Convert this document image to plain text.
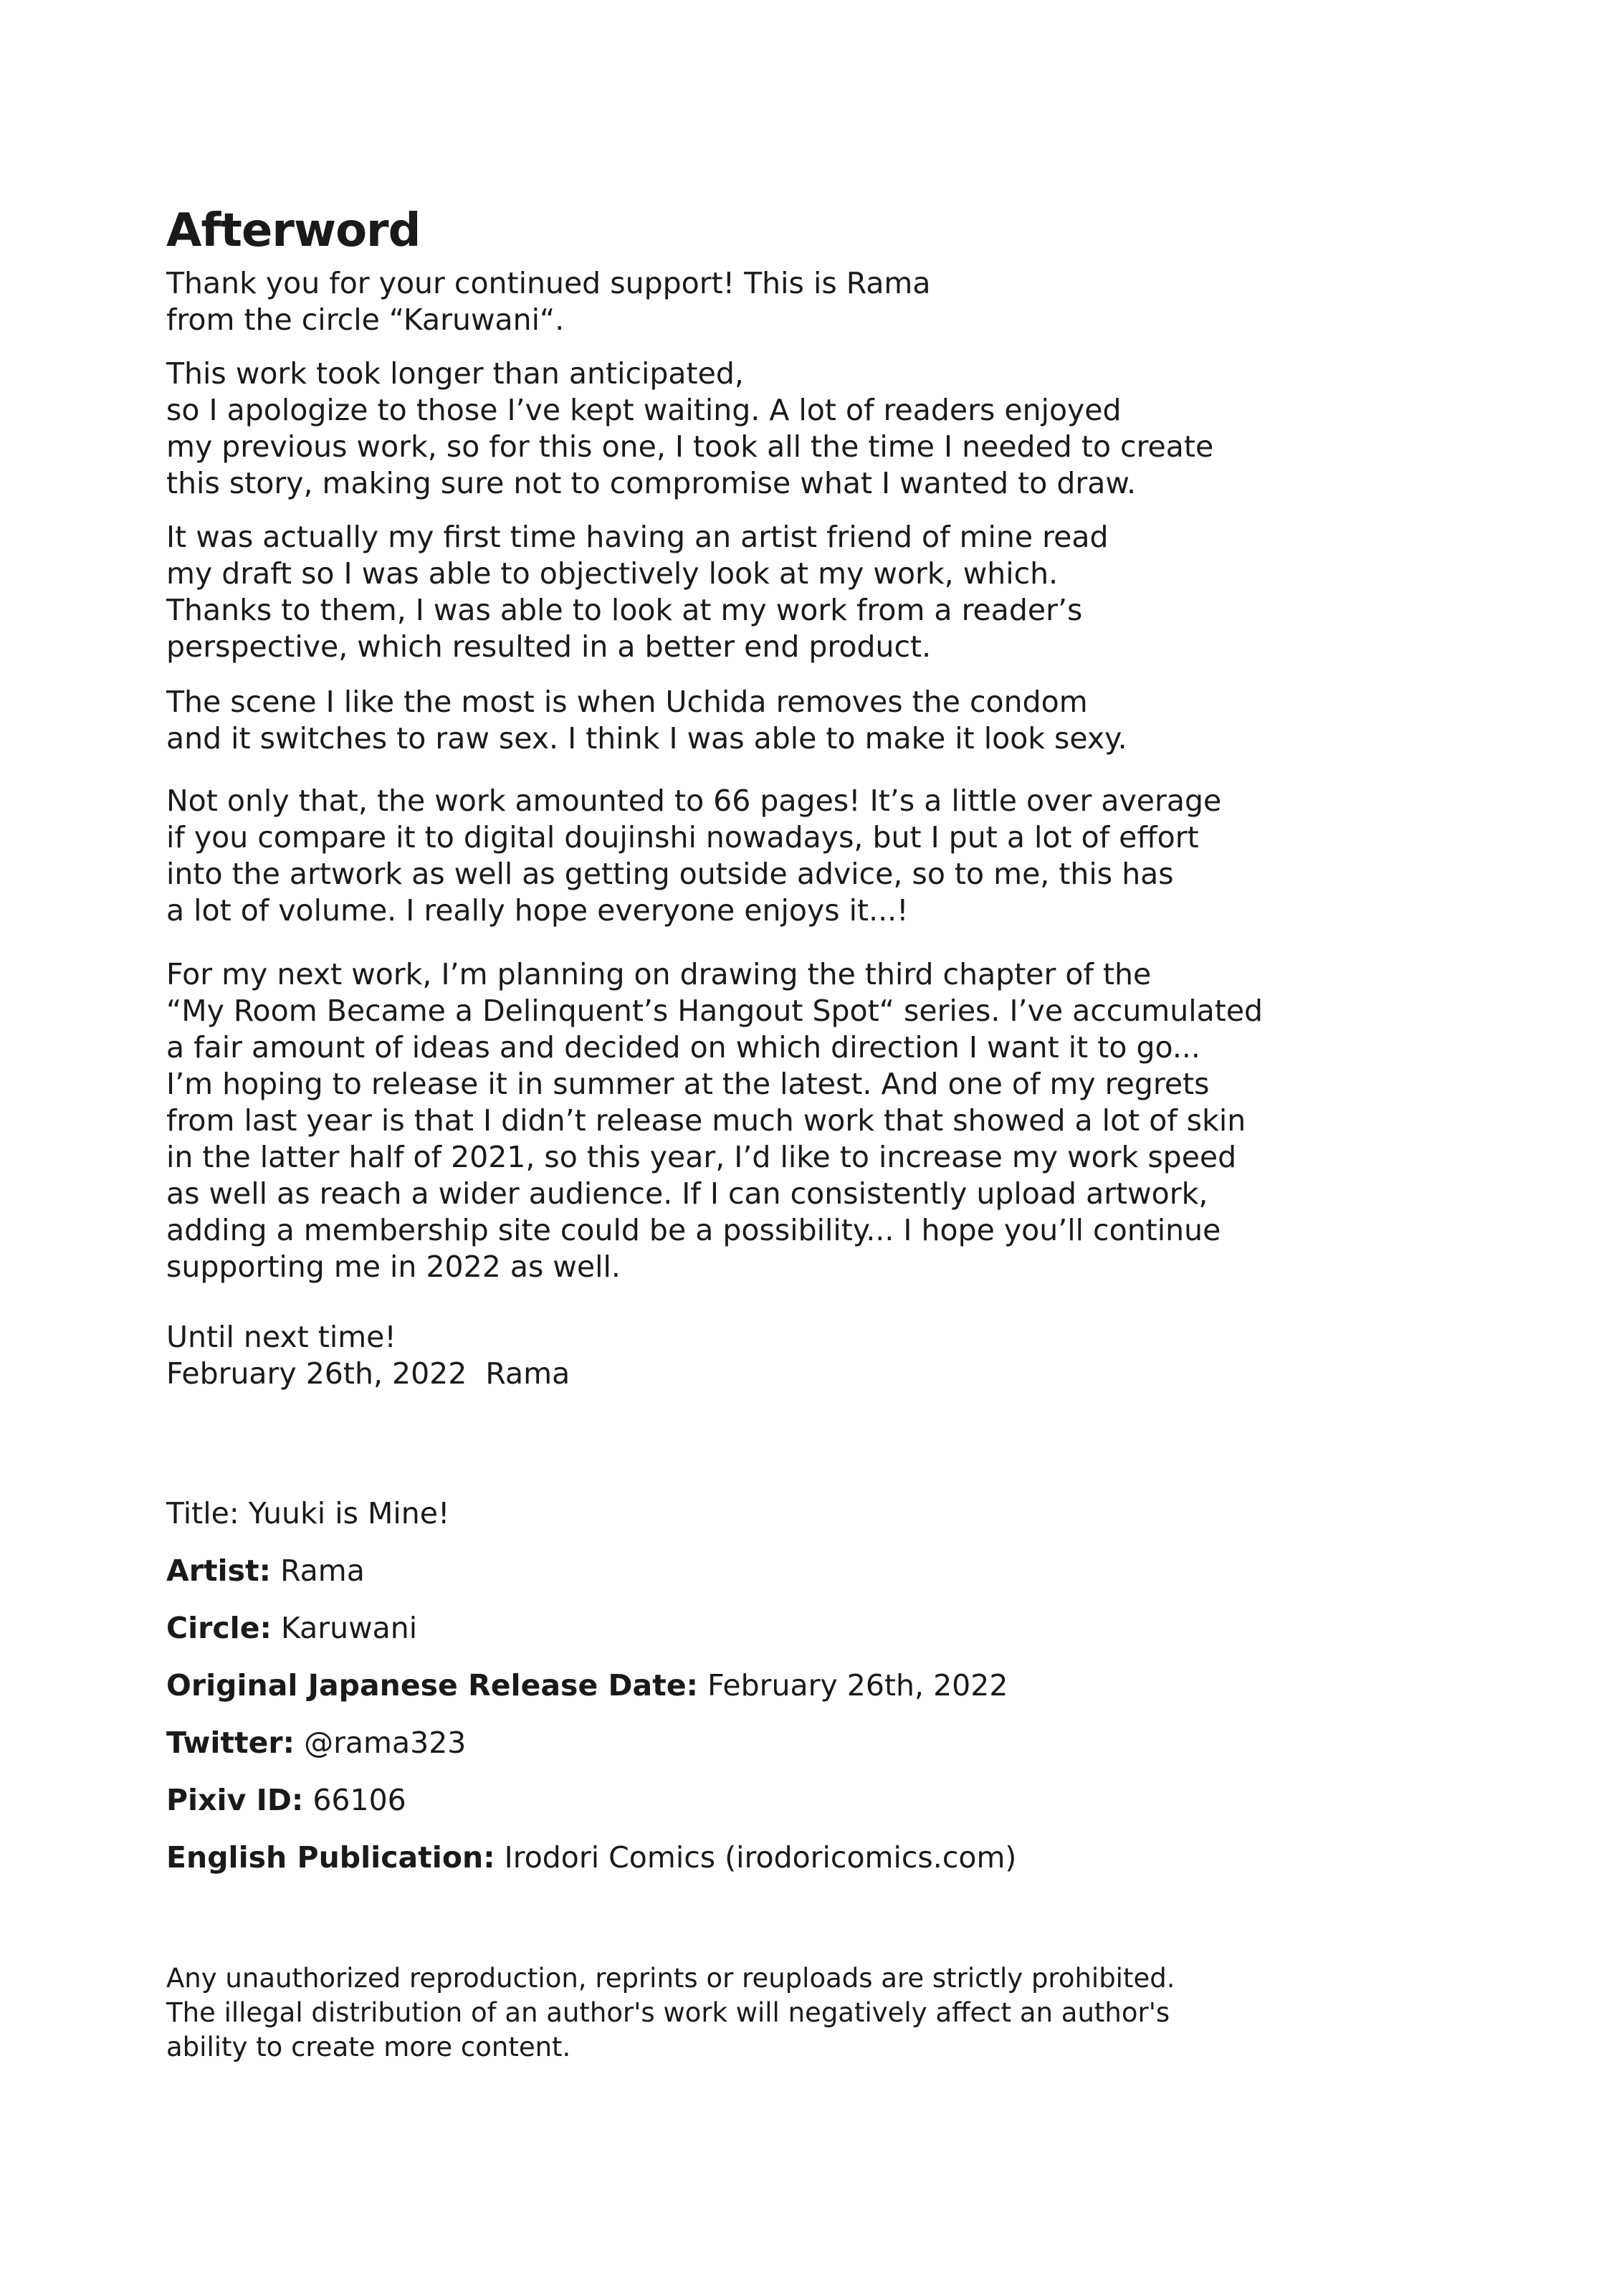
Afterword

Thank you for your continued support! This is Rama
from the circle “Karuwani“.

This work took longer than anticipated,
so I apologize to those I’ve kept waiting. A lot of readers enjoyed
my previous work, so for this one, I took all the time I needed to create
this story, making sure not to compromise what I wanted to draw.

It was actually my first time having an artist friend of mine read
my draft so I was able to objectively look at my work, which.
Thanks to them, I was able to look at my work from a reader’s
perspective, which resulted in a better end product.

The scene I like the most is when Uchida removes the condom
and it switches to raw sex. I think I was able to make it look sexy.

Not only that, the work amounted to 66 pages! It’s a little over average
if you compare it to digital doujinshi nowadays, but I put a lot of effort
into the artwork as well as getting outside advice, so to me, this has
a lot of volume. I really hope everyone enjoys it...!

For my next work, I’m planning on drawing the third chapter of the
“My Room Became a Delinquent’s Hangout Spot“ series. I’ve accumulated
a fair amount of ideas and decided on which direction I want it to go...
I’m hoping to release it in summer at the latest. And one of my regrets
from last year is that I didn’t release much work that showed a lot of skin
in the latter half of 2021, so this year, I’d like to increase my work speed
as well as reach a wider audience. If I can consistently upload artwork,
adding a membership site could be a possibility... I hope you’ll continue
supporting me in 2022 as well.

Until next time!
February 26th, 2022  Rama

Title: Yuuki is Mine!

Artist: Rama

Circle: Karuwani

Original Japanese Release Date: February 26th, 2022

Twitter: @rama323

Pixiv ID: 66106

English Publication: Irodori Comics (irodoricomics.com)

Any unauthorized reproduction, reprints or reuploads are strictly prohibited.
The illegal distribution of an author's work will negatively affect an author's
ability to create more content.
